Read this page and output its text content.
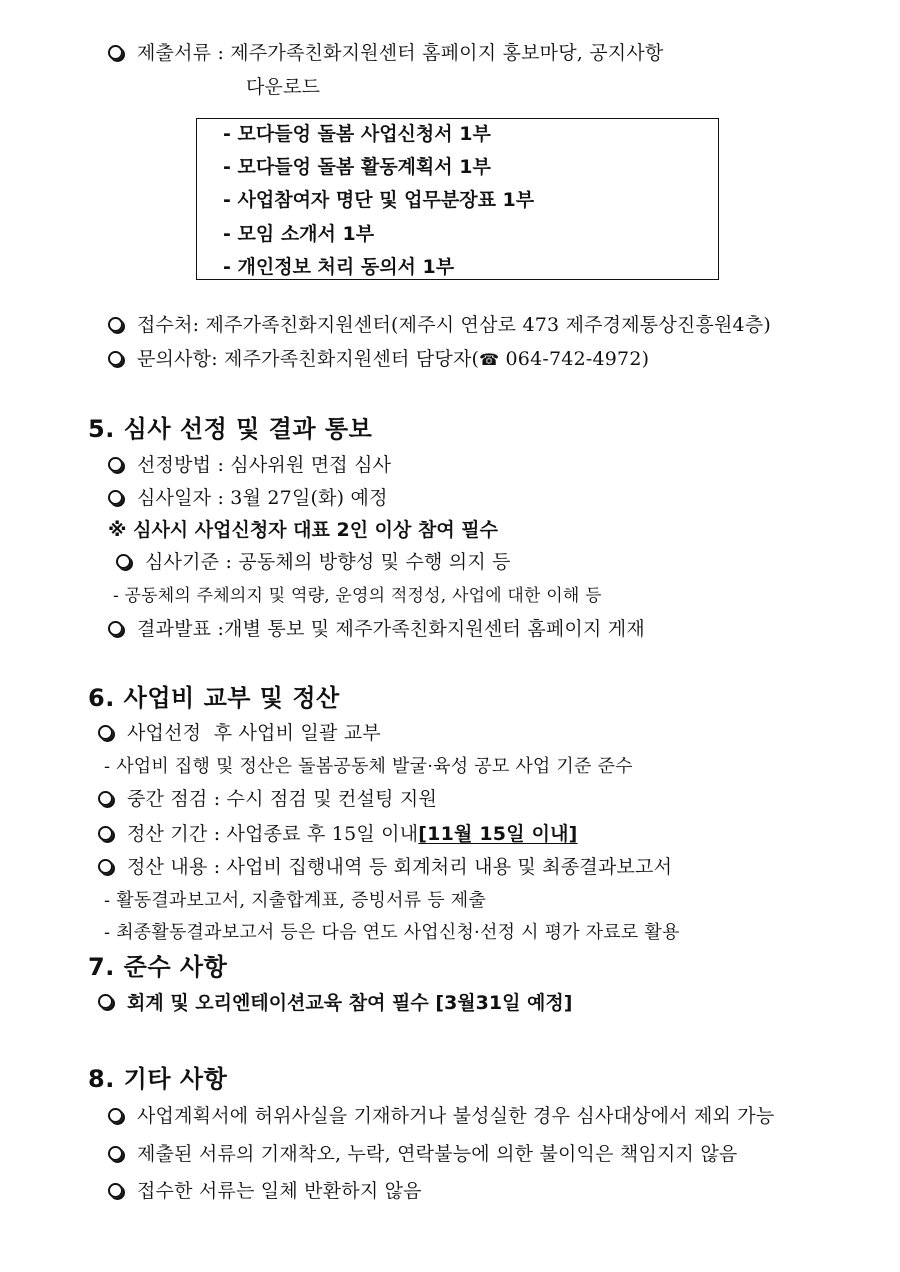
제출서류 : 제주가족친화지원센터 홈페이지 홍보마당, 공지사항
다운로드
- 모다들엉 돌봄 사업신청서 1부
- 모다들엉 돌봄 활동계획서 1부
- 사업참여자 명단 및 업무분장표 1부
- 모임 소개서 1부
- 개인정보 처리 동의서 1부
접수처: 제주가족친화지원센터(제주시 연삼로 473 제주경제통상진흥원4층)
문의사항: 제주가족친화지원센터 담당자(☎ 064-742-4972)
5. 심사 선정 및 결과 통보
선정방법 : 심사위원 면접 심사
심사일자 : 3월 27일(화) 예정
※ 심사시 사업신청자 대표 2인 이상 참여 필수
심사기준 : 공동체의 방향성 및 수행 의지 등
- 공동체의 주체의지 및 역량, 운영의 적정성, 사업에 대한 이해 등
결과발표 :개별 통보 및 제주가족친화지원센터 홈페이지 게재
6. 사업비 교부 및 정산
사업선정  후 사업비 일괄 교부
- 사업비 집행 및 정산은 돌봄공동체 발굴·육성 공모 사업 기준 준수
중간 점검 : 수시 점검 및 컨설팅 지원
정산 기간 : 사업종료 후 15일 이내[11월 15일 이내]
정산 내용 : 사업비 집행내역 등 회계처리 내용 및 최종결과보고서
- 활동결과보고서, 지출합계표, 증빙서류 등 제출
- 최종활동결과보고서 등은 다음 연도 사업신청·선정 시 평가 자료로 활용
7. 준수 사항
회계 및 오리엔테이션교육 참여 필수 [3월31일 예정]
8. 기타 사항
사업계획서에 허위사실을 기재하거나 불성실한 경우 심사대상에서 제외 가능
제출된 서류의 기재착오, 누락, 연락불능에 의한 불이익은 책임지지 않음
접수한 서류는 일체 반환하지 않음
